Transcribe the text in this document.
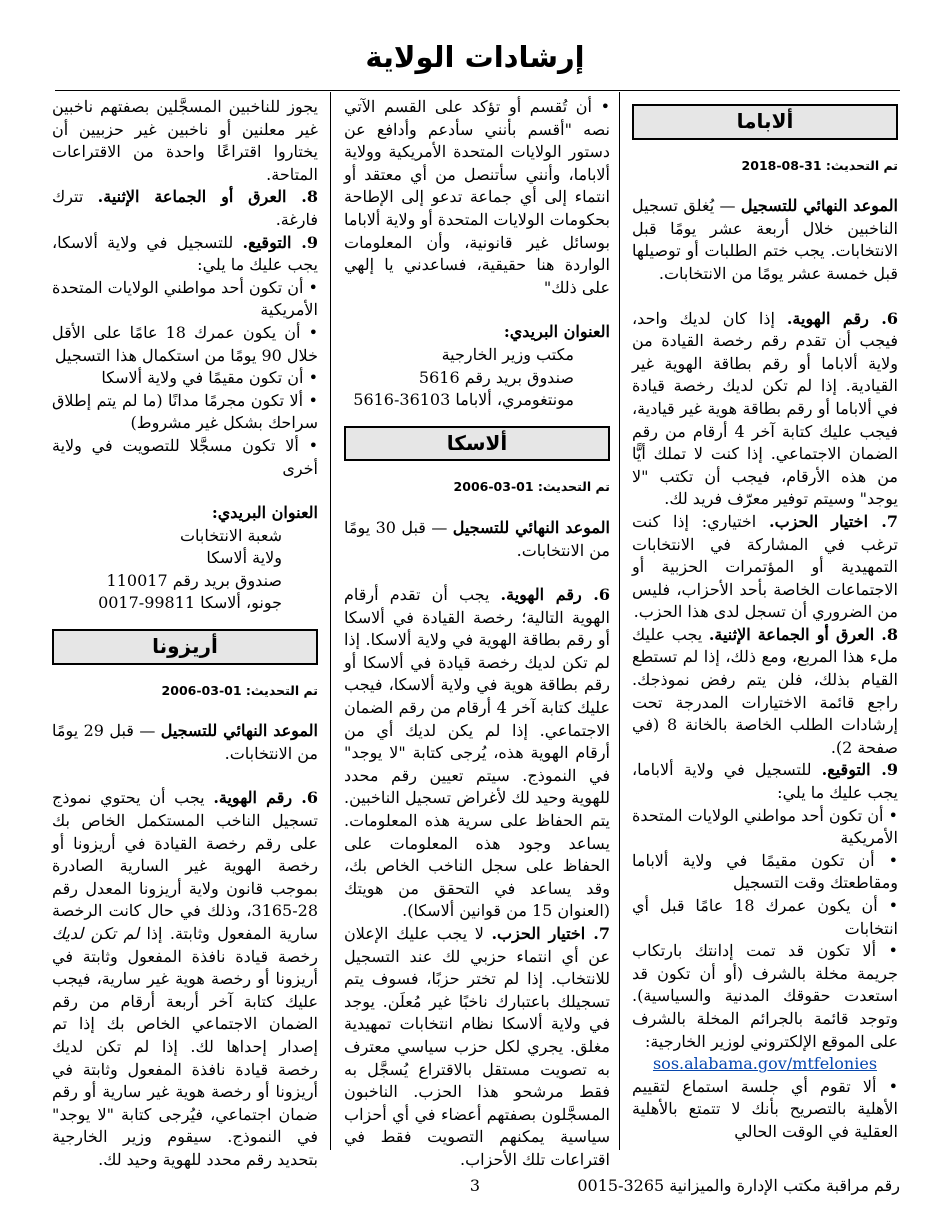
إرشادات الولاية
ألاباما
تم التحديث: 31-08-2018

الموعد النهائي للتسجيل — يُغلق تسجيل الناخبين خلال أربعة عشر يومًا قبل الانتخابات. يجب ختم الطلبات أو توصيلها قبل خمسة عشر يومًا من الانتخابات.

6. رقم الهوية. إذا كان لديك واحد، فيجب أن تقدم رقم رخصة القيادة من ولاية ألاباما أو رقم بطاقة الهوية غير القيادية. إذا لم تكن لديك رخصة قيادة في ألاباما أو رقم بطاقة هوية غير قيادية، فيجب عليك كتابة آخر 4 أرقام من رقم الضمان الاجتماعي. إذا كنت لا تملك أيًّا من هذه الأرقام، فيجب أن تكتب "لا يوجد" وسيتم توفير معرّف فريد لك.

7. اختيار الحزب. اختياري: إذا كنت ترغب في المشاركة في الانتخابات التمهيدية أو المؤتمرات الحزبية أو الاجتماعات الخاصة بأحد الأحزاب، فليس من الضروري أن تسجل لدى هذا الحزب.

8. العرق أو الجماعة الإثنية. يجب عليك ملء هذا المربع، ومع ذلك، إذا لم تستطع القيام بذلك، فلن يتم رفض نموذجك. راجع قائمة الاختيارات المدرجة تحت إرشادات الطلب الخاصة بالخانة 8 (في صفحة 2).

9. التوقيع. للتسجيل في ولاية ألاباما، يجب عليك ما يلي:

• أن تكون أحد مواطني الولايات المتحدة الأمريكية

• أن تكون مقيمًا في ولاية ألاباما ومقاطعتك وقت التسجيل

• أن يكون عمرك 18 عامًا قبل أي انتخابات

• ألا تكون قد تمت إدانتك بارتكاب جريمة مخلة بالشرف (أو أن تكون قد استعدت حقوقك المدنية والسياسية). وتوجد قائمة بالجرائم المخلة بالشرف على الموقع الإلكتروني لوزير الخارجية:

sos.alabama.gov/mtfelonies

• ألا تقوم أي جلسة استماع لتقييم الأهلية بالتصريح بأنك لا تتمتع بالأهلية العقلية في الوقت الحالي

• أن تُقسم أو تؤكد على القسم الآتي نصه "أقسم بأنني سأدعم وأدافع عن دستور الولايات المتحدة الأمريكية وولاية ألاباما، وأنني سأتنصل من أي معتقد أو انتماء إلى أي جماعة تدعو إلى الإطاحة بحكومات الولايات المتحدة أو ولاية ألاباما بوسائل غير قانونية، وأن المعلومات الواردة هنا حقيقية، فساعدني يا إلهي على ذلك"

العنوان البريدي:

مكتب وزير الخارجية

صندوق بريد رقم 5616

مونتغومري، ألاباما 36103-5616

ألاسكا
تم التحديث: 01-03-2006

الموعد النهائي للتسجيل — قبل 30 يومًا من الانتخابات.

6. رقم الهوية. يجب أن تقدم أرقام الهوية التالية؛ رخصة القيادة في ألاسكا أو رقم بطاقة الهوية في ولاية ألاسكا. إذا لم تكن لديك رخصة قيادة في ألاسكا أو رقم بطاقة هوية في ولاية ألاسكا، فيجب عليك كتابة آخر 4 أرقام من رقم الضمان الاجتماعي. إذا لم يكن لديك أي من أرقام الهوية هذه، يُرجى كتابة "لا يوجد" في النموذج. سيتم تعيين رقم محدد للهوية وحيد لك لأغراض تسجيل الناخبين. يتم الحفاظ على سرية هذه المعلومات. يساعد وجود هذه المعلومات على الحفاظ على سجل الناخب الخاص بك، وقد يساعد في التحقق من هويتك (العنوان 15 من قوانين ألاسكا).

7. اختيار الحزب. لا يجب عليك الإعلان عن أي انتماء حزبي لك عند التسجيل للانتخاب. إذا لم تختر حزبًا، فسوف يتم تسجيلك باعتبارك ناخبًا غير مُعلَن. يوجد في ولاية ألاسكا نظام انتخابات تمهيدية مغلق. يجري لكل حزب سياسي معترف به تصويت مستقل بالاقتراع يُسجَّل به فقط مرشحو هذا الحزب. الناخبون المسجَّلون بصفتهم أعضاء في أي أحزاب سياسية يمكنهم التصويت فقط في اقتراعات تلك الأحزاب.

يجوز للناخبين المسجَّلين بصفتهم ناخبين غير معلنين أو ناخبين غير حزبيين أن يختاروا اقتراعًا واحدة من الاقتراعات المتاحة.

8. العرق أو الجماعة الإثنية. تترك فارغة.

9. التوقيع. للتسجيل في ولاية ألاسكا، يجب عليك ما يلي:

• أن تكون أحد مواطني الولايات المتحدة الأمريكية

• أن يكون عمرك 18 عامًا على الأقل خلال 90 يومًا من استكمال هذا التسجيل

• أن تكون مقيمًا في ولاية ألاسكا

• ألا تكون مجرمًا مدانًا (ما لم يتم إطلاق سراحك بشكل غير مشروط)

• ألا تكون مسجَّلا للتصويت في ولاية أخرى

العنوان البريدي:

شعبة الانتخابات

ولاية ألاسكا

صندوق بريد رقم 110017

جونو، ألاسكا 99811-0017

أريزونا
تم التحديث: 01-03-2006

الموعد النهائي للتسجيل — قبل 29 يومًا من الانتخابات.

6. رقم الهوية. يجب أن يحتوي نموذج تسجيل الناخب المستكمل الخاص بك على رقم رخصة القيادة في أريزونا أو رخصة الهوية غير السارية الصادرة بموجب قانون ولاية أريزونا المعدل رقم 28-3165، وذلك في حال كانت الرخصة سارية المفعول وثابتة. إذا لم تكن لديك رخصة قيادة نافذة المفعول وثابتة في أريزونا أو رخصة هوية غير سارية، فيجب عليك كتابة آخر أربعة أرقام من رقم الضمان الاجتماعي الخاص بك إذا تم إصدار إحداها لك. إذا لم تكن لديك رخصة قيادة نافذة المفعول وثابتة في أريزونا أو رخصة هوية غير سارية أو رقم ضمان اجتماعي، فيُرجى كتابة "لا يوجد" في النموذج. سيقوم وزير الخارجية بتحديد رقم محدد للهوية وحيد لك.

3	رقم مراقبة مكتب الإدارة والميزانية 3265-0015
